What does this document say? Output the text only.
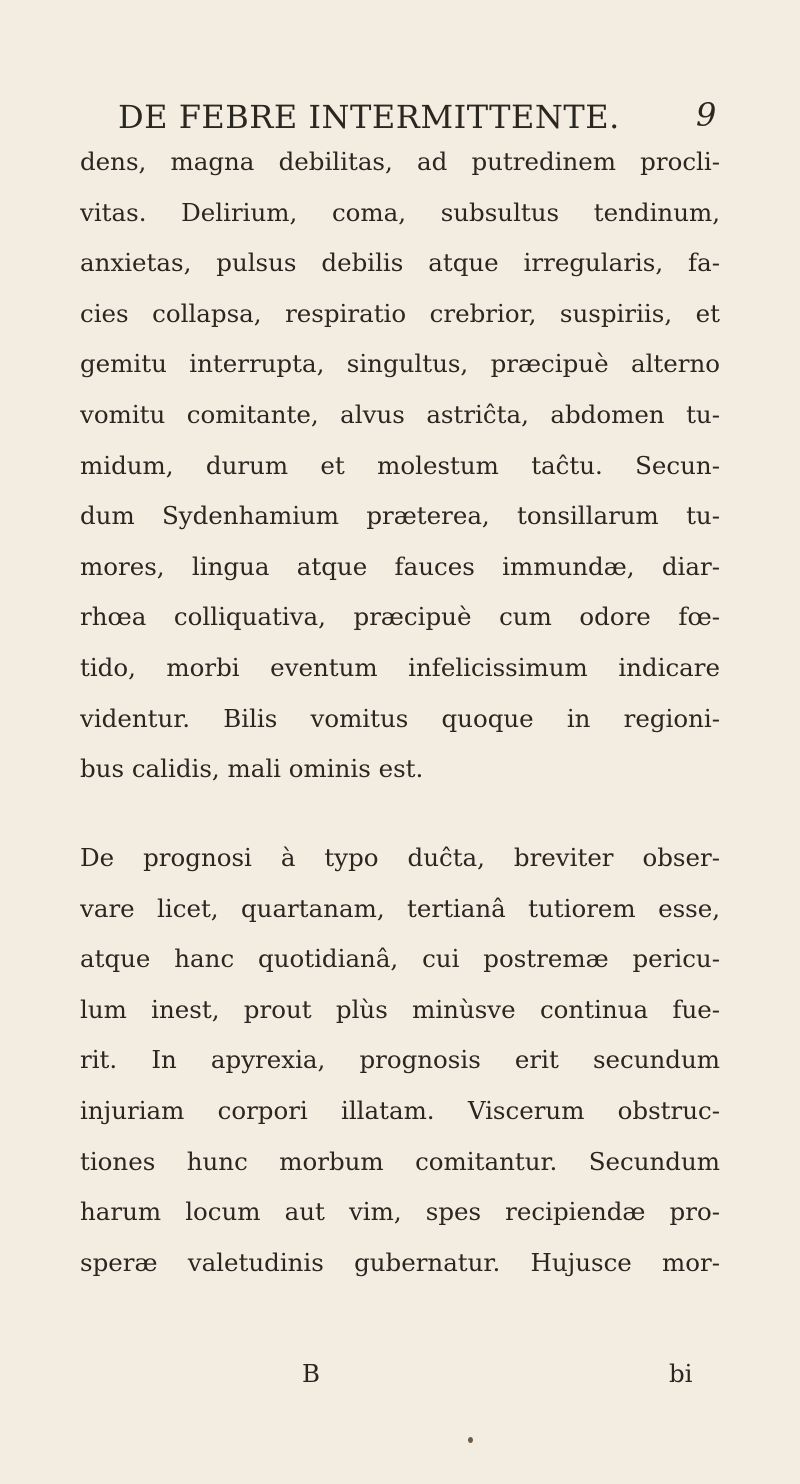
DE FEBRE INTERMITTENTE.	9
dens, magna debilitas, ad putredinem procli-
vitas. Delirium, coma, subsultus tendinum,
anxietas, pulsus debilis atque irregularis, fa-
cies collapsa, respiratio crebrior, suspiriis, et
gemitu interrupta, singultus, præcipuè alterno
vomitu comitante, alvus astriĉta, abdomen tu-
midum, durum et molestum taĉtu. Secun-
dum Sydenhamium præterea, tonsillarum tu-
mores, lingua atque fauces immundæ, diar-
rhœa colliquativa, præcipuè cum odore fœ-
tido, morbi eventum infelicissimum indicare
videntur. Bilis vomitus quoque in regioni-
bus calidis, mali ominis est.
De prognosi à typo duĉta, breviter obser-
vare licet, quartanam, tertianâ tutiorem esse,
atque hanc quotidianâ, cui postremæ pericu-
lum inest, prout plùs minùsve continua fue-
rit. In apyrexia, prognosis erit secundum
injuriam corpori illatam. Viscerum obstruc-
tiones hunc morbum comitantur. Secundum
harum locum aut vim, spes recipiendæ pro-
speræ valetudinis gubernatur. Hujusce mor-
B	bi
